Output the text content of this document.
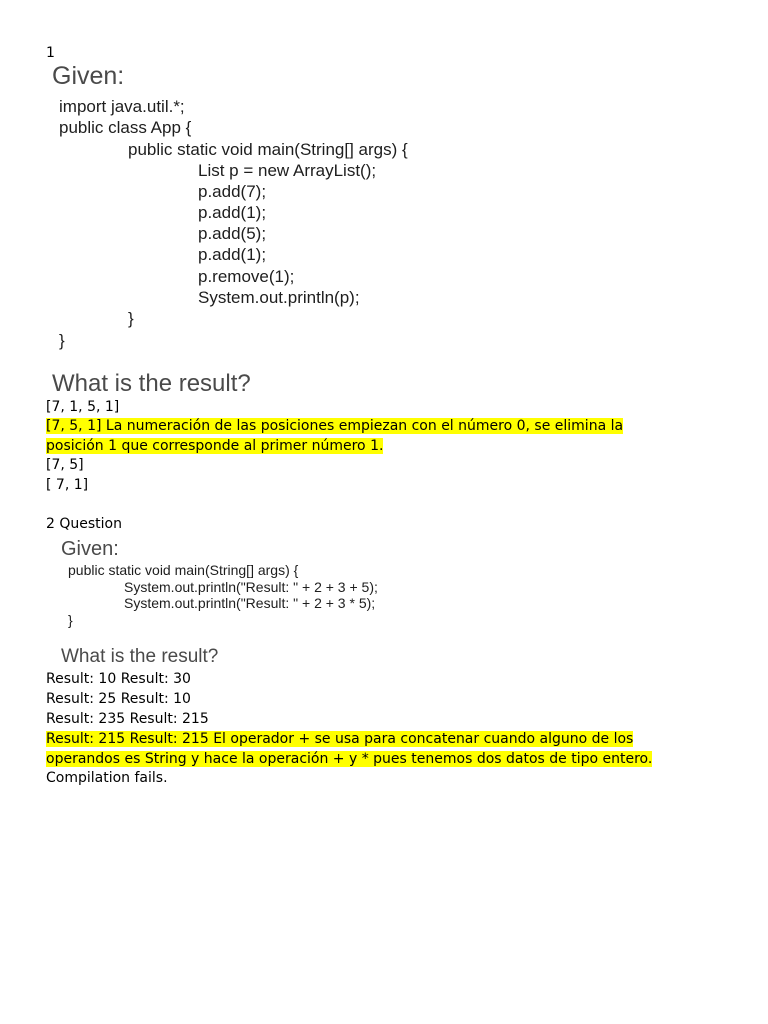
1
Given:
import java.util.*;
public class App {
public static void main(String[] args) {
List p = new ArrayList();
p.add(7);
p.add(1);
p.add(5);
p.add(1);
p.remove(1);
System.out.println(p);
}
}
What is the result?
[7, 1, 5, 1]
[7, 5, 1] La numeración de las posiciones empiezan con el número 0, se elimina la
posición 1 que corresponde al primer número 1.
[7, 5]
[ 7, 1]
2 Question
Given:
public static void main(String[] args) {
System.out.println("Result: " + 2 + 3 + 5);
System.out.println("Result: " + 2 + 3 * 5);
}
What is the result?
Result: 10 Result: 30
Result: 25 Result: 10
Result: 235 Result: 215
Result: 215 Result: 215 El operador + se usa para concatenar cuando alguno de los
operandos es String y hace la operación + y * pues tenemos dos datos de tipo entero.
Compilation fails.
